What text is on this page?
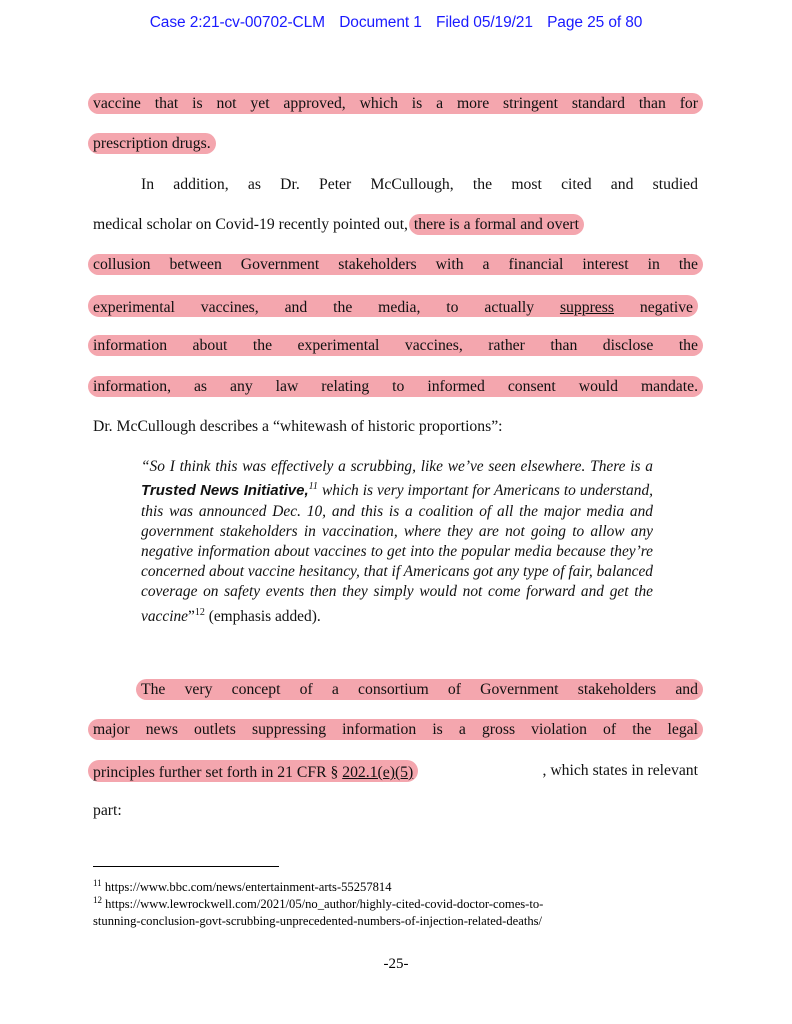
Case 2:21-cv-00702-CLM Document 1 Filed 05/19/21 Page 25 of 80
vaccine that is not yet approved, which is a more stringent standard than for
prescription drugs.
In addition, as Dr. Peter McCullough, the most cited and studied
medical scholar on Covid-19 recently pointed out, there is a formal and overt
collusion between Government stakeholders with a financial interest in the
experimental vaccines, and the media, to actually suppress negative
information about the experimental vaccines, rather than disclose the
information, as any law relating to informed consent would mandate.
Dr. McCullough describes a “whitewash of historic proportions”:
“So I think this was effectively a scrubbing, like we’ve seen elsewhere. There is a Trusted News Initiative,$^{11}$ which is very important for Americans to understand, this was announced Dec. 10, and this is a coalition of all the major media and government stakeholders in vaccination, where they are not going to allow any negative information about vaccines to get into the popular media because they’re concerned about vaccine hesitancy, that if Americans got any type of fair, balanced coverage on safety events then they simply would not come forward and get the vaccine”$^{12}$ (emphasis added).
The very concept of a consortium of Government stakeholders and
major news outlets suppressing information is a gross violation of the legal
principles further set forth in 21 CFR § 202.1(e)(5)	, which states in relevant
part:
$^{11}$ https://www.bbc.com/news/entertainment-arts-55257814
$^{12}$ https://www.lewrockwell.com/2021/05/no_author/highly-cited-covid-doctor-comes-to-
stunning-conclusion-govt-scrubbing-unprecedented-numbers-of-injection-related-deaths/
-25-
